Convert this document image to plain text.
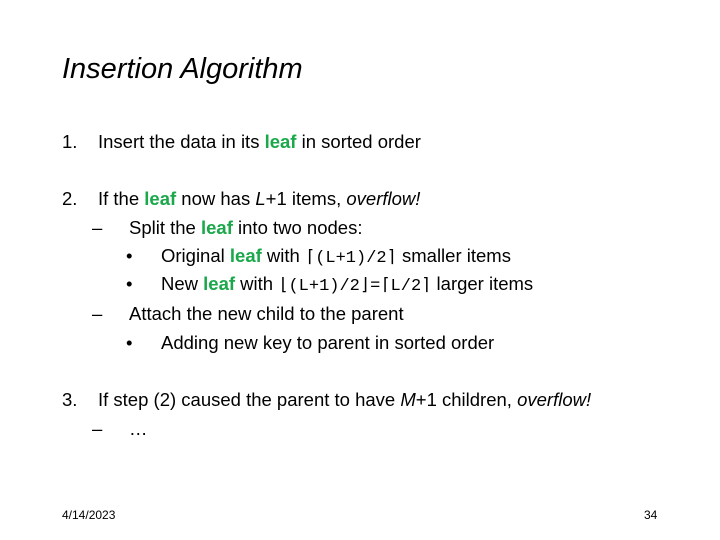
Insertion Algorithm
1. Insert the data in its leaf in sorted order
2. If the leaf now has L+1 items, overflow!
– Split the leaf into two nodes:
• Original leaf with ⌈(L+1)/2⌉ smaller items
• New leaf with ⌊(L+1)/2⌋=⌈L/2⌉ larger items
– Attach the new child to the parent
• Adding new key to parent in sorted order
3. If step (2) caused the parent to have M+1 children, overflow!
– …
4/14/2023	34
